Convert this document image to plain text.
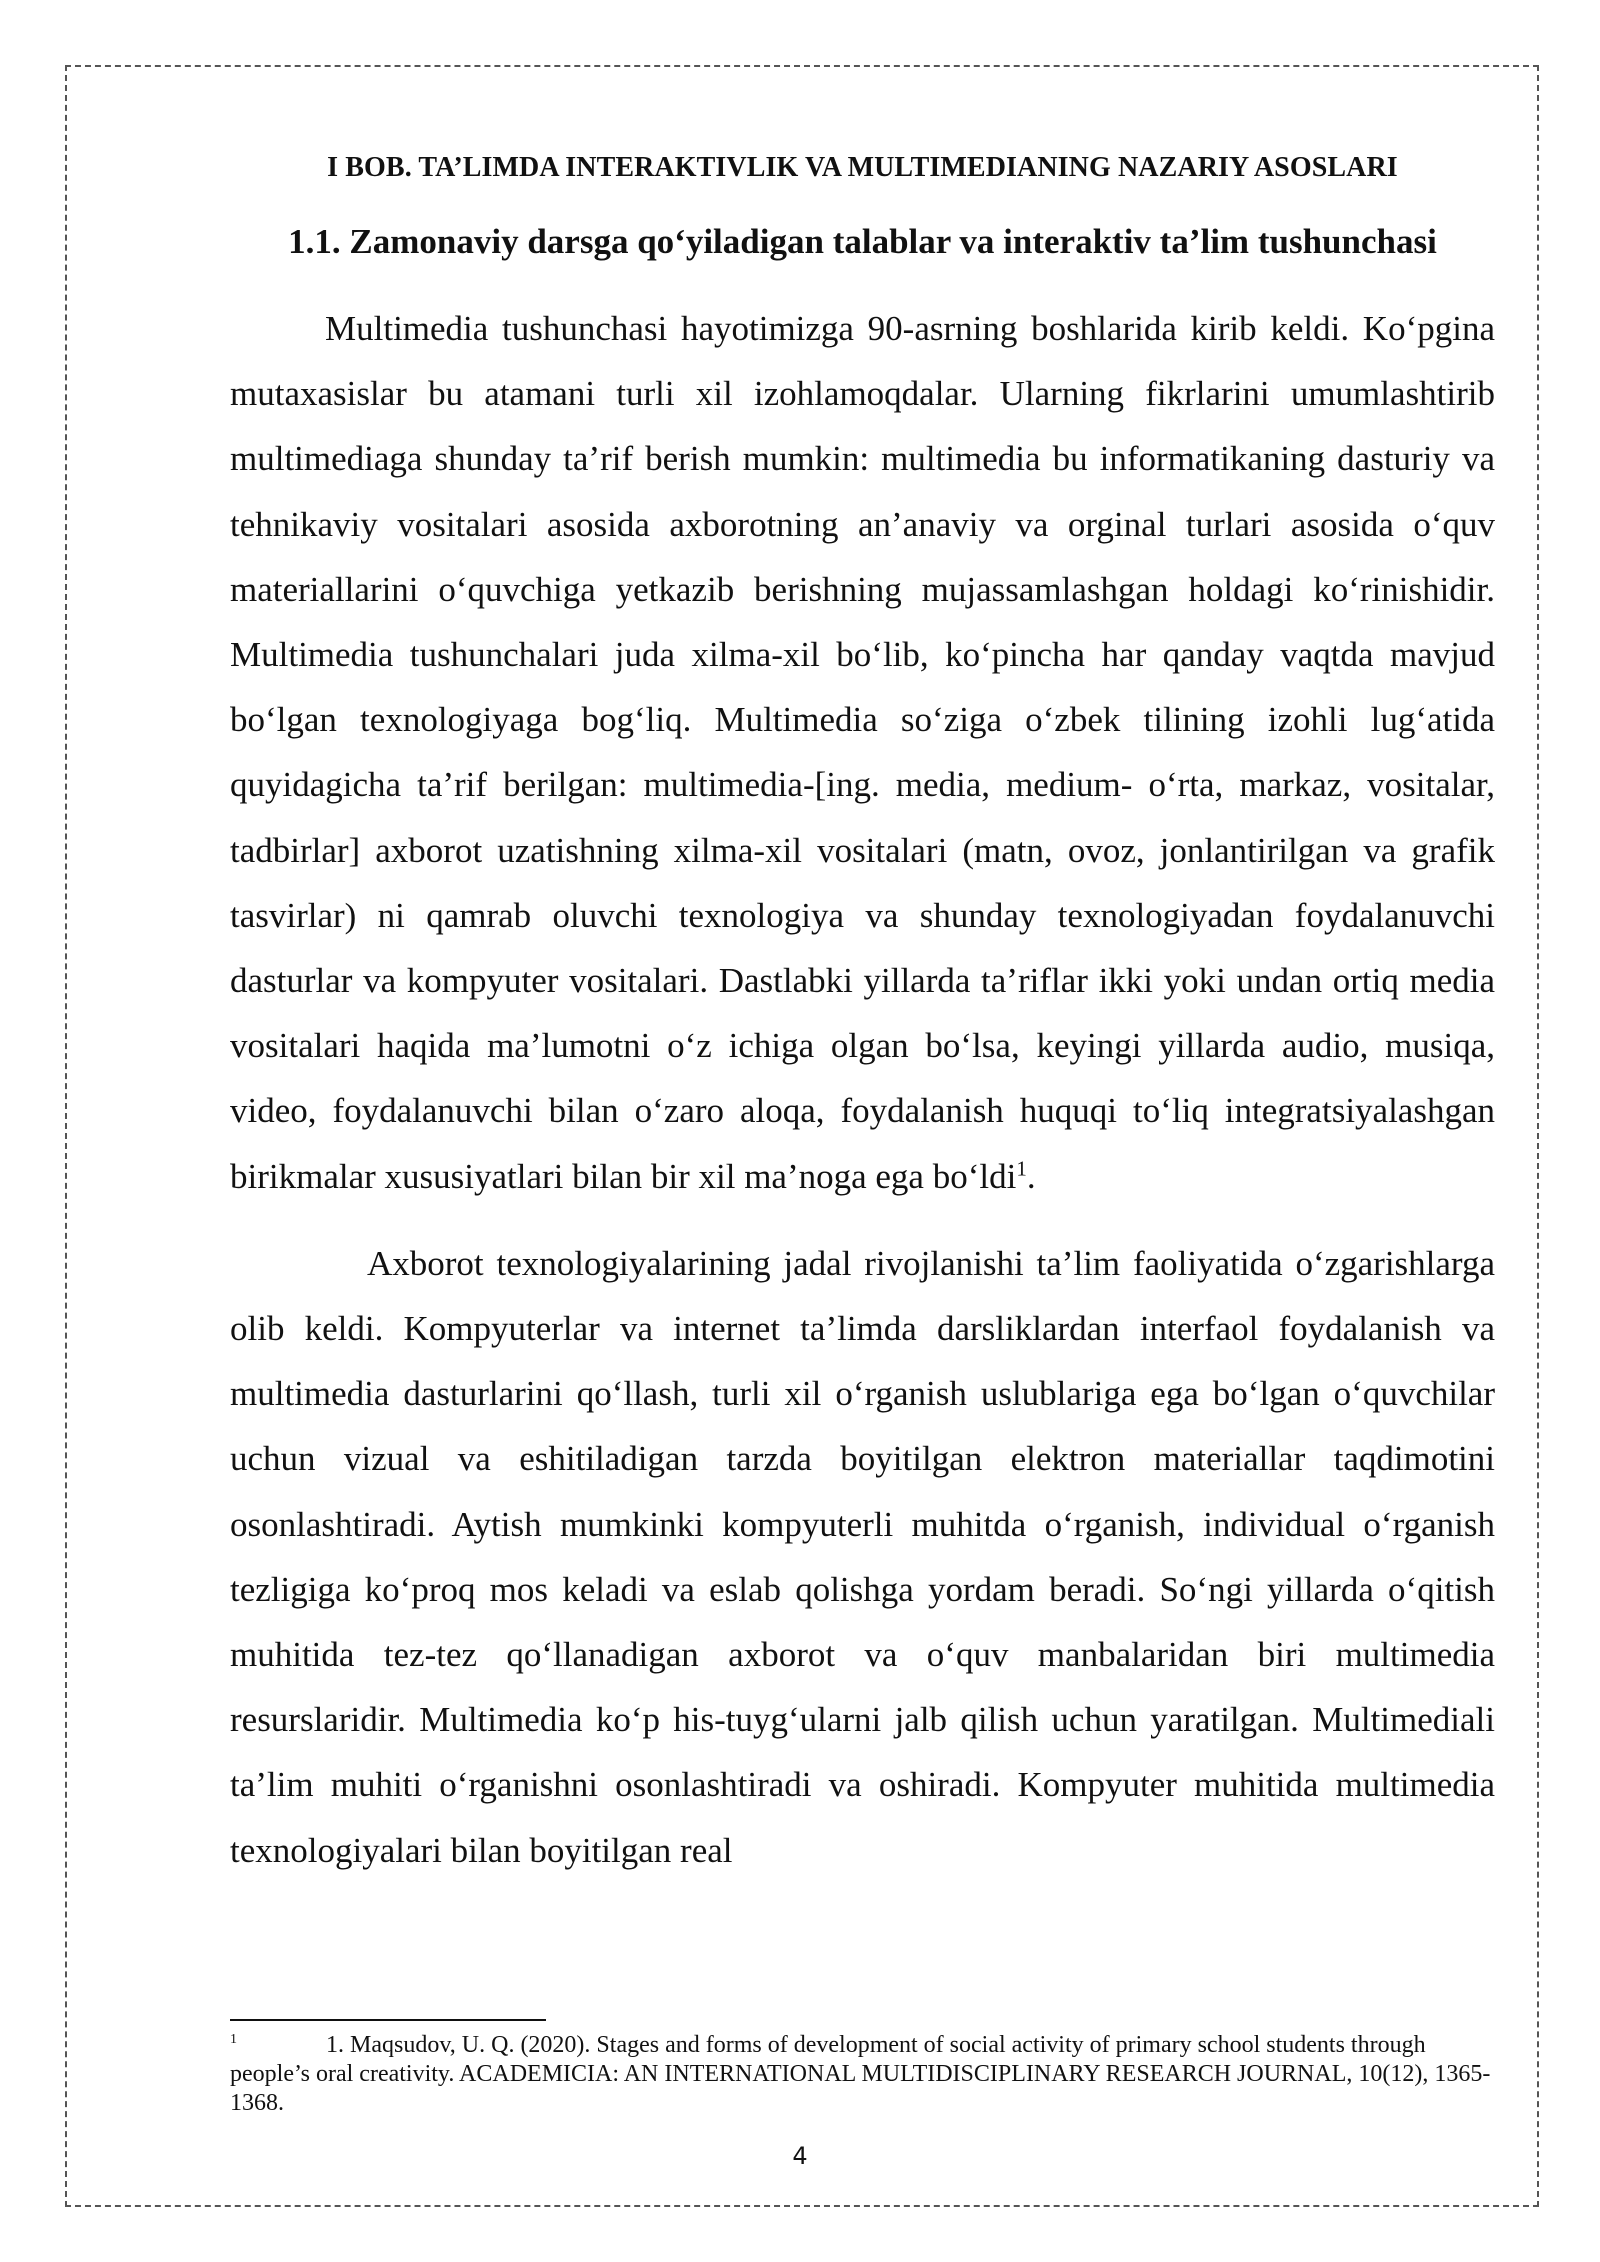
I BOB. TA’LIMDA INTERAKTIVLIK VA MULTIMEDIANING NAZARIY ASOSLARI
1.1. Zamonaviy darsga qo‘yiladigan talablar va interaktiv ta’lim tushunchasi

Multimedia tushunchasi hayotimizga 90-asrning boshlarida kirib keldi. Ko‘pgina mutaxasislar bu atamani turli xil izohlamoqdalar. Ularning fikrlarini umumlashtirib multimediaga shunday ta’rif berish mumkin: multimedia bu informatikaning dasturiy va tehnikaviy vositalari asosida axborotning an’anaviy va orginal turlari asosida o‘quv materiallarini o‘quvchiga yetkazib berishning mujassamlashgan holdagi ko‘rinishidir. Multimedia tushunchalari juda xilma-xil bo‘lib, ko‘pincha har qanday vaqtda mavjud bo‘lgan texnologiyaga bog‘liq. Multimedia so‘ziga o‘zbek tilining izohli lug‘atida quyidagicha ta’rif berilgan: multimedia-[ing. media, medium- o‘rta, markaz, vositalar, tadbirlar] axborot uzatishning xilma-xil vositalari (matn, ovoz, jonlantirilgan va grafik tasvirlar) ni qamrab oluvchi texnologiya va shunday texnologiyadan foydalanuvchi dasturlar va kompyuter vositalari. Dastlabki yillarda ta’riflar ikki yoki undan ortiq media vositalari haqida ma’lumotni o‘z ichiga olgan bo‘lsa, keyingi yillarda audio, musiqa, video, foydalanuvchi bilan o‘zaro aloqa, foydalanish huquqi to‘liq integratsiyalashgan birikmalar xususiyatlari bilan bir xil ma’noga ega bo‘ldi$^1$.

Axborot texnologiyalarining jadal rivojlanishi ta’lim faoliyatida o‘zgarishlarga olib keldi. Kompyuterlar va internet ta’limda darsliklardan interfaol foydalanish va multimedia dasturlarini qo‘llash, turli xil o‘rganish uslublariga ega bo‘lgan o‘quvchilar uchun vizual va eshitiladigan tarzda boyitilgan elektron materiallar taqdimotini osonlashtiradi. Aytish mumkinki kompyuterli muhitda o‘rganish, individual o‘rganish tezligiga ko‘proq mos keladi va eslab qolishga yordam beradi. So‘ngi yillarda o‘qitish muhitida tez-tez qo‘llanadigan axborot va o‘quv manbalaridan biri multimedia resurslaridir. Multimedia ko‘p his-tuyg‘ularni jalb qilish uchun yaratilgan. Multimediali ta’lim muhiti o‘rganishni osonlashtiradi va oshiradi. Kompyuter muhitida multimedia texnologiyalari bilan boyitilgan real

1	1. Maqsudov, U. Q. (2020). Stages and forms of development of social activity of primary school students through people’s oral creativity. ACADEMICIA: AN INTERNATIONAL MULTIDISCIPLINARY RESEARCH JOURNAL, 10(12), 1365- 1368.

4
